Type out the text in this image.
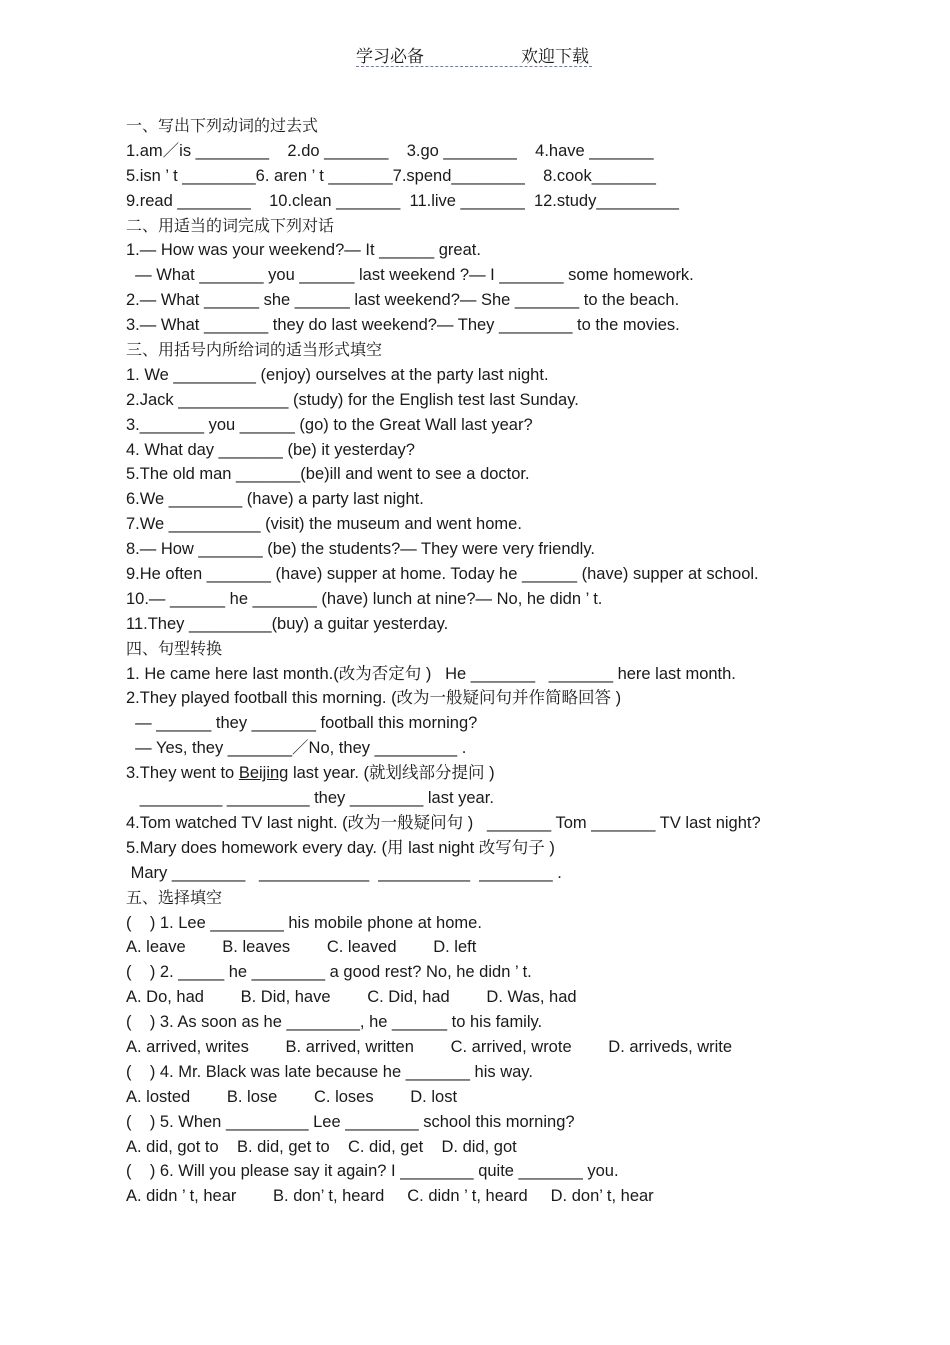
学习必备	欢迎下载
一、写出下列动词的过去式
1.am／is ________    2.do _______    3.go ________    4.have _______
5.isn ’ t ________6. aren ’ t _______7.spend________    8.cook_______
9.read ________    10.clean _______  11.live _______  12.study_________
二、用适当的词完成下列对话
1.— How was your weekend?— It ______ great.
— What _______ you ______ last weekend ?— I _______ some homework.
2.— What ______ she ______ last weekend?— She _______ to the beach.
3.— What _______ they do last weekend?— They ________ to the movies.
三、用括号内所给词的适当形式填空
1. We _________ (enjoy) ourselves at the party last night.
2.Jack ____________ (study) for the English test last Sunday.
3._______ you ______ (go) to the Great Wall last year?
4. What day _______ (be) it yesterday?
5.The old man _______(be)ill and went to see a doctor.
6.We ________ (have) a party last night.
7.We __________ (visit) the museum and went home.
8.— How _______ (be) the students?— They were very friendly.
9.He often _______ (have) supper at home. Today he ______ (have) supper at school.
10.— ______ he _______ (have) lunch at nine?— No, he didn ’ t.
11.They _________(buy) a guitar yesterday.
四、句型转换
1. He came here last month.(改为否定句 )   He _______   _______ here last month.
2.They played football this morning. (改为一般疑问句并作简略回答 )
— ______ they _______ football this morning?
— Yes, they _______／No, they _________ .
3.They went to Beijing last year. (就划线部分提问 )
_________ _________ they ________ last year.
4.Tom watched TV last night. (改为一般疑问句 )   _______ Tom _______ TV last night?
5.Mary does homework every day. (用 last night 改写句子 )
Mary ________   ____________  __________  ________ .
五、选择填空
(    ) 1. Lee ________ his mobile phone at home.
A. leave        B. leaves        C. leaved        D. left
(    ) 2. _____ he ________ a good rest? No, he didn ’ t.
A. Do, had        B. Did, have        C. Did, had        D. Was, had
(    ) 3. As soon as he ________, he ______ to his family.
A. arrived, writes        B. arrived, written        C. arrived, wrote        D. arriveds, write
(    ) 4. Mr. Black was late because he _______ his way.
A. losted        B. lose        C. loses        D. lost
(    ) 5. When _________ Lee ________ school this morning?
A. did, got to    B. did, get to    C. did, get    D. did, got
(    ) 6. Will you please say it again? I ________ quite _______ you.
A. didn ’ t, hear        B. don’ t, heard     C. didn ’ t, heard     D. don’ t, hear
